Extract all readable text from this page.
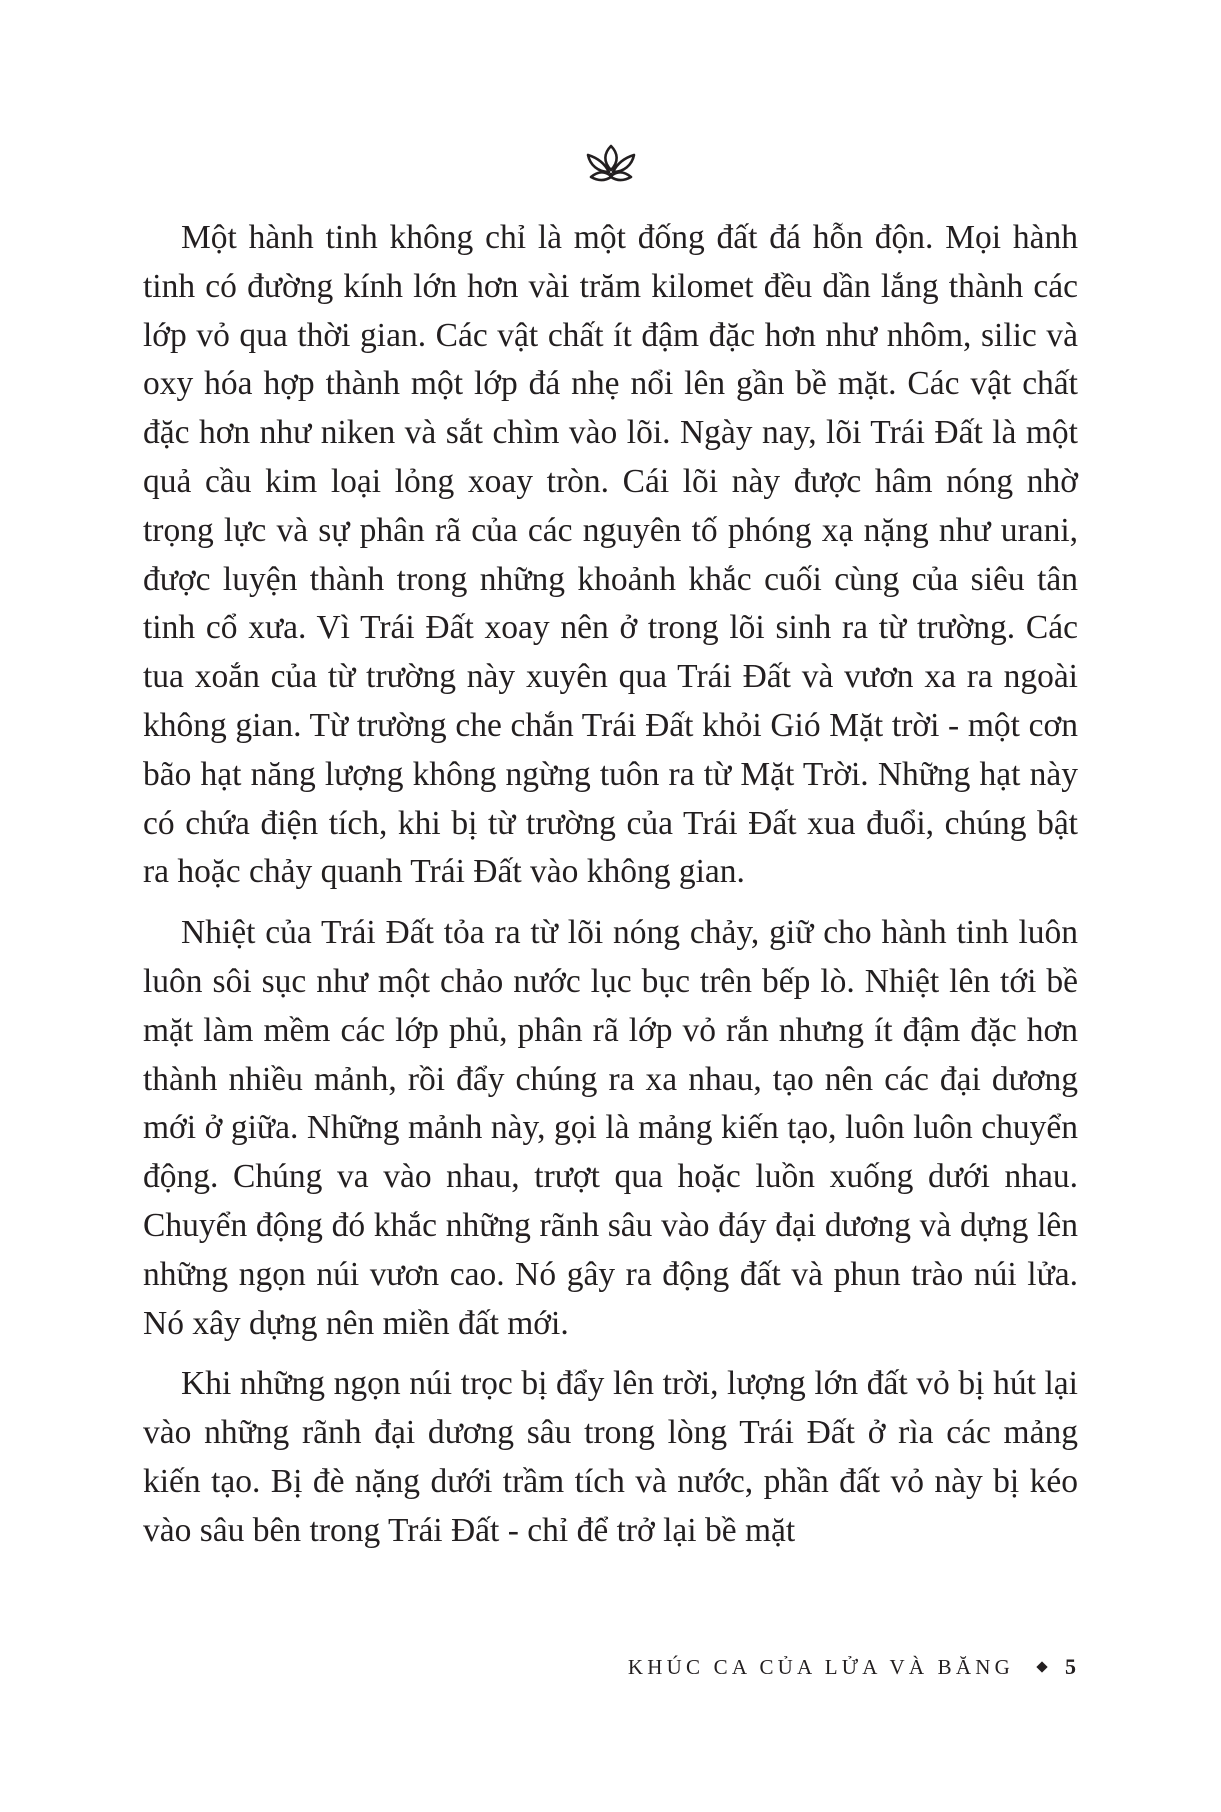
Một hành tinh không chỉ là một đống đất đá hỗn độn. Mọi hành tinh có đường kính lớn hơn vài trăm kilomet đều dần lắng thành các lớp vỏ qua thời gian. Các vật chất ít đậm đặc hơn như nhôm, silic và oxy hóa hợp thành một lớp đá nhẹ nổi lên gần bề mặt. Các vật chất đặc hơn như niken và sắt chìm vào lõi. Ngày nay, lõi Trái Đất là một quả cầu kim loại lỏng xoay tròn. Cái lõi này được hâm nóng nhờ trọng lực và sự phân rã của các nguyên tố phóng xạ nặng như urani, được luyện thành trong những khoảnh khắc cuối cùng của siêu tân tinh cổ xưa. Vì Trái Đất xoay nên ở trong lõi sinh ra từ trường. Các tua xoắn của từ trường này xuyên qua Trái Đất và vươn xa ra ngoài không gian. Từ trường che chắn Trái Đất khỏi Gió Mặt trời - một cơn bão hạt năng lượng không ngừng tuôn ra từ Mặt Trời. Những hạt này có chứa điện tích, khi bị từ trường của Trái Đất xua đuổi, chúng bật ra hoặc chảy quanh Trái Đất vào không gian.

Nhiệt của Trái Đất tỏa ra từ lõi nóng chảy, giữ cho hành tinh luôn luôn sôi sục như một chảo nước lục bục trên bếp lò. Nhiệt lên tới bề mặt làm mềm các lớp phủ, phân rã lớp vỏ rắn nhưng ít đậm đặc hơn thành nhiều mảnh, rồi đẩy chúng ra xa nhau, tạo nên các đại dương mới ở giữa. Những mảnh này, gọi là mảng kiến tạo, luôn luôn chuyển động. Chúng va vào nhau, trượt qua hoặc luồn xuống dưới nhau. Chuyển động đó khắc những rãnh sâu vào đáy đại dương và dựng lên những ngọn núi vươn cao. Nó gây ra động đất và phun trào núi lửa. Nó xây dựng nên miền đất mới.

Khi những ngọn núi trọc bị đẩy lên trời, lượng lớn đất vỏ bị hút lại vào những rãnh đại dương sâu trong lòng Trái Đất ở rìa các mảng kiến tạo. Bị đè nặng dưới trầm tích và nước, phần đất vỏ này bị kéo vào sâu bên trong Trái Đất - chỉ để trở lại bề mặt

KHÚC CA CỦA LỬA VÀ BĂNG 5
